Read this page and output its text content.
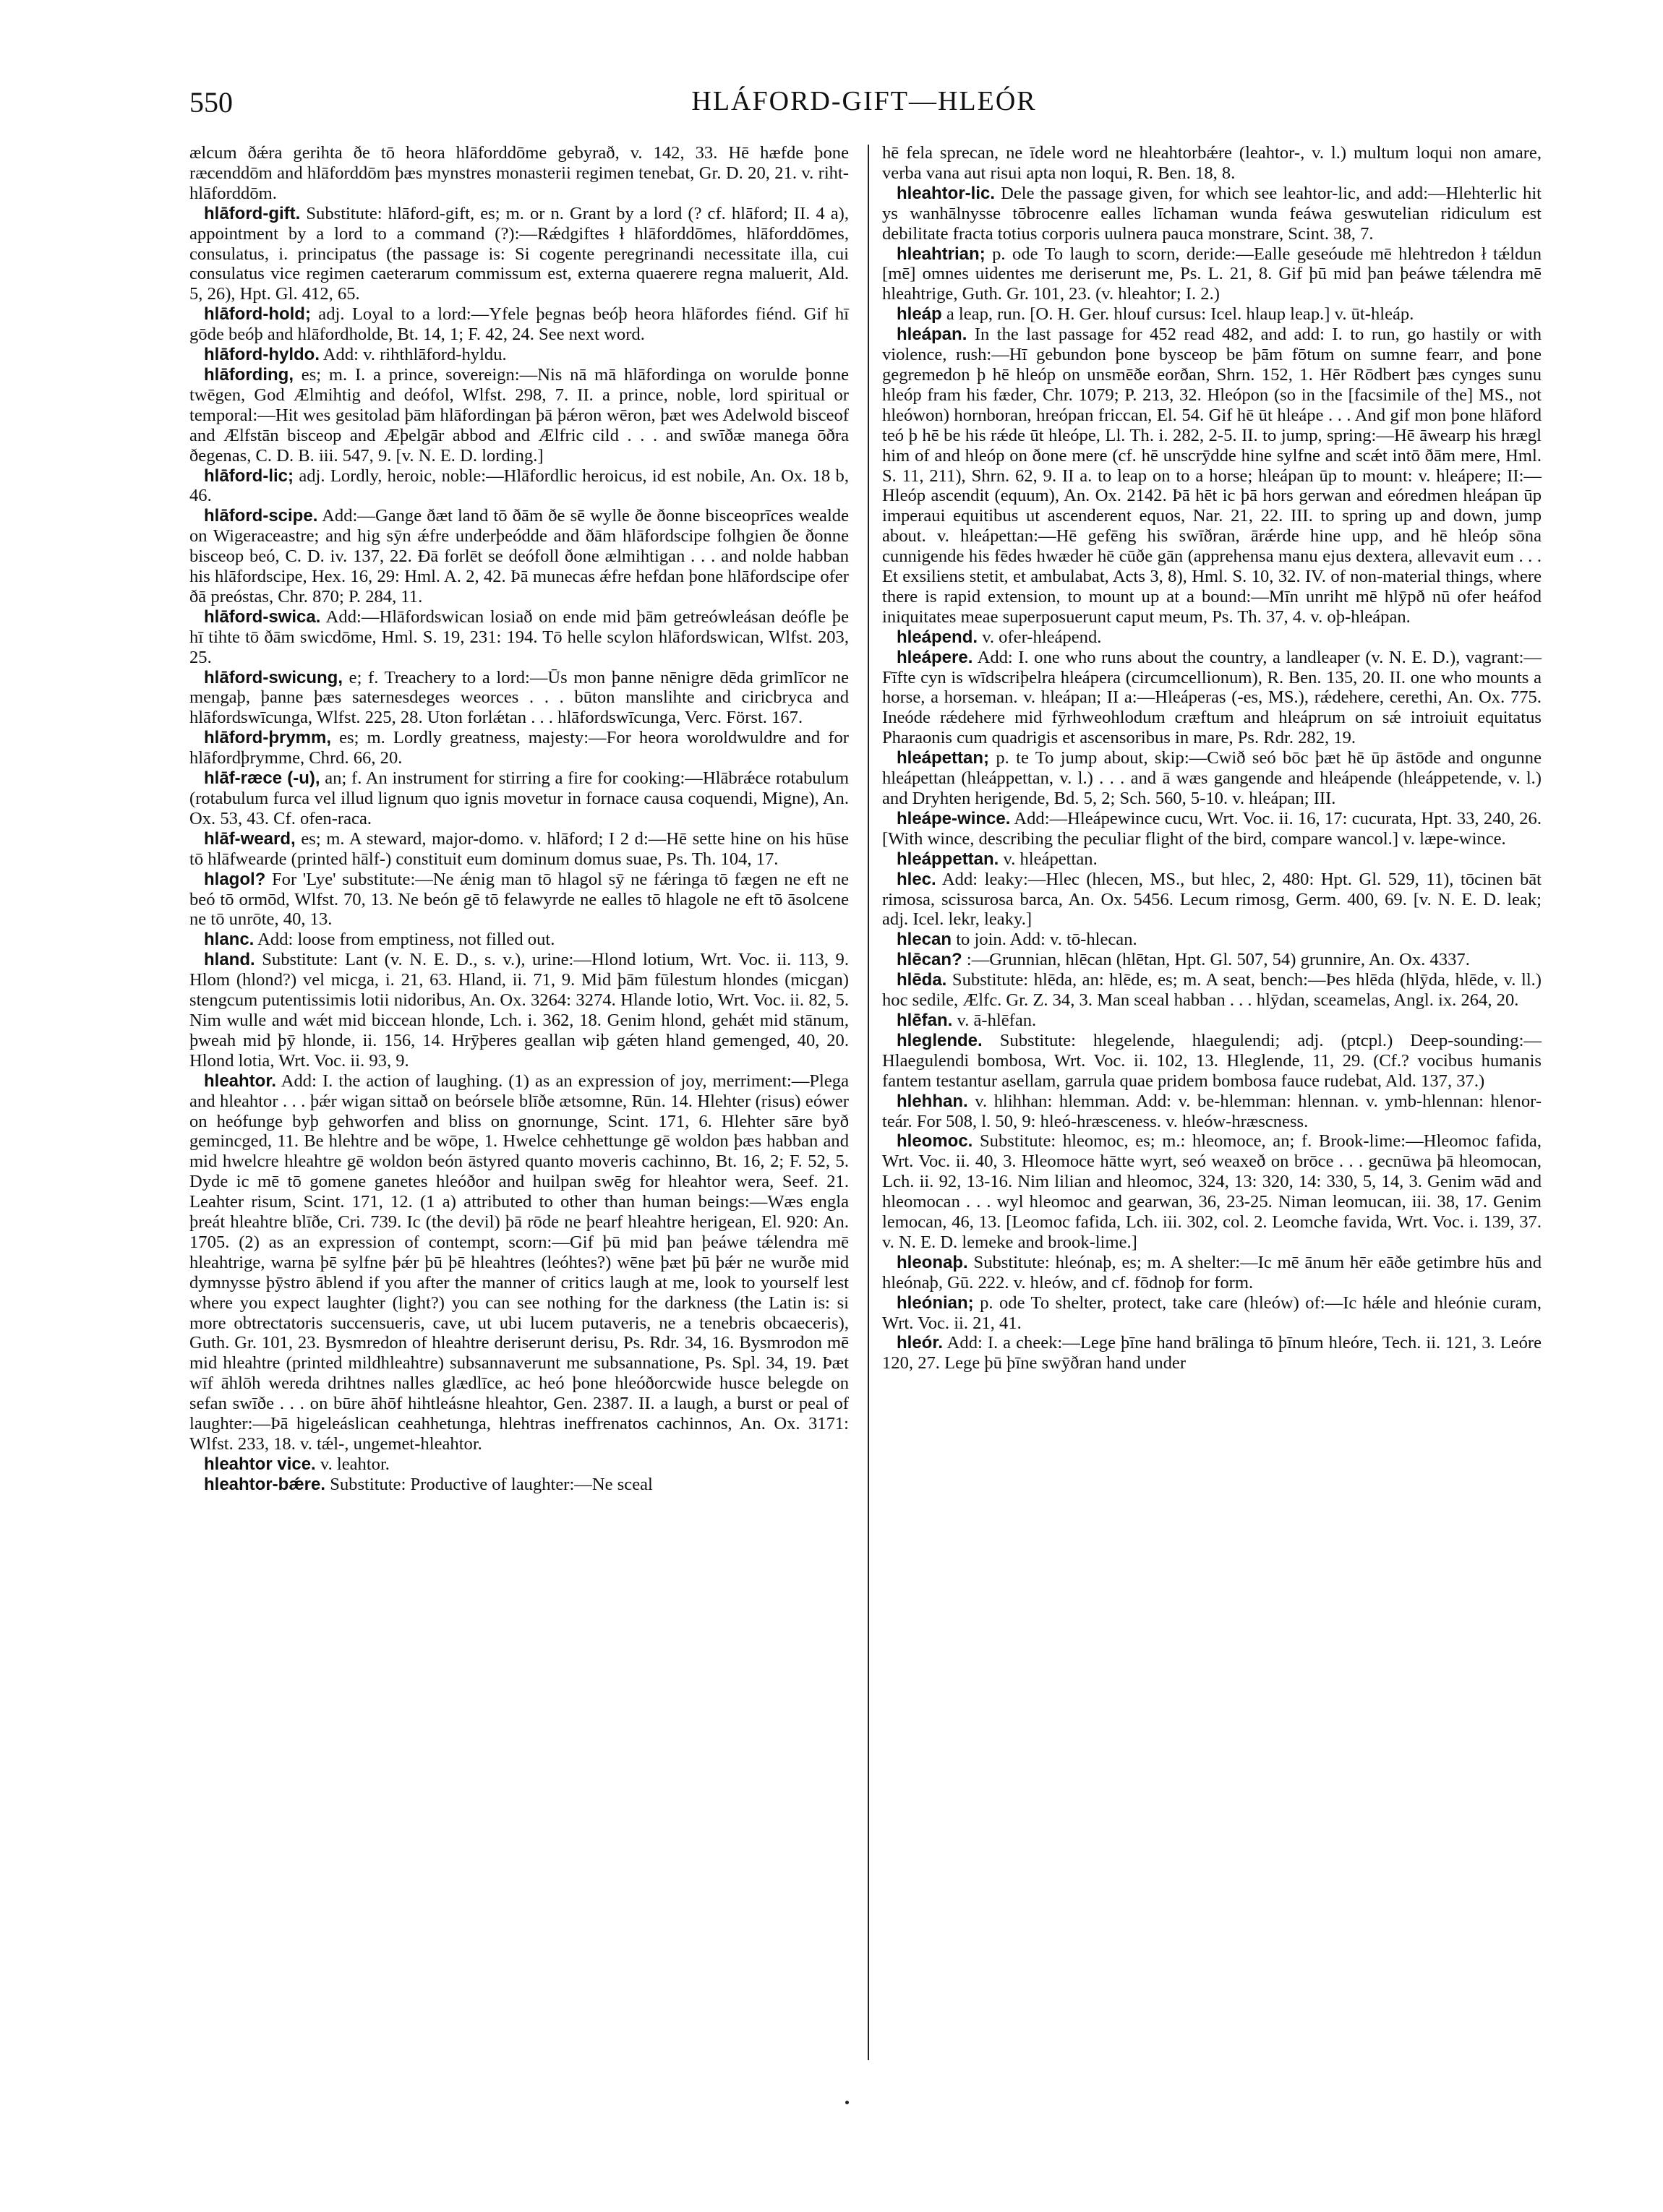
550	HLÁFORD-GIFT—HLEÓR

ælcum ðǽra gerihta ðe tō heora hlāforddōme gebyrað, v. 142, 33. Hē hæfde þone ræcenddōm and hlāforddōm þæs mynstres monasterii regimen tenebat, Gr. D. 20, 21. v. riht-hlāforddōm.

hlāford-gift. Substitute: hlāford-gift, es; m. or n. Grant by a lord (? cf. hlāford; II. 4 a), appointment by a lord to a command (?):—Rǽdgiftes ł hlāforddōmes, hlāforddōmes, consulatus, i. principatus (the passage is: Si cogente peregrinandi necessitate illa, cui consulatus vice regimen caeterarum commissum est, externa quaerere regna maluerit, Ald. 5, 26), Hpt. Gl. 412, 65.

hlāford-hold; adj. Loyal to a lord:—Yfele þegnas beóþ heora hlāfordes fiénd. Gif hī gōde beóþ and hlāfordholde, Bt. 14, 1; F. 42, 24. See next word.

hlāford-hyldo. Add: v. rihthlāford-hyldu.

hlāfording, es; m. I. a prince, sovereign:—Nis nā mā hlāfordinga on worulde þonne twēgen, God Ælmihtig and deófol, Wlfst. 298, 7. II. a prince, noble, lord spiritual or temporal:—Hit wes gesitolad þām hlāfordingan þā þǽron wēron, þæt wes Adelwold bisceof and Ælfstān bisceop and Æþelgār abbod and Ælfric cild . . . and swīðæ manega ōðra ðegenas, C. D. B. iii. 547, 9. [v. N. E. D. lording.]

hlāford-lic; adj. Lordly, heroic, noble:—Hlāfordlic heroicus, id est nobile, An. Ox. 18 b, 46.

hlāford-scipe. Add:—Gange ðæt land tō ðām ðe sē wylle ðe ðonne bisceoprīces wealde on Wigeraceastre; and hig sȳn ǽfre underþeódde and ðām hlāfordscipe folhgien ðe ðonne bisceop beó, C. D. iv. 137, 22. Ðā forlēt se deófoll ðone ælmihtigan . . . and nolde habban his hlāfordscipe, Hex. 16, 29: Hml. A. 2, 42. Þā munecas ǽfre hefdan þone hlāfordscipe ofer ðā preóstas, Chr. 870; P. 284, 11.

hlāford-swica. Add:—Hlāfordswican losiað on ende mid þām getreówleásan deófle þe hī tihte tō ðām swicdōme, Hml. S. 19, 231: 194. Tō helle scylon hlāfordswican, Wlfst. 203, 25.

hlāford-swicung, e; f. Treachery to a lord:—Ūs mon þanne nēnigre dēda grimlīcor ne mengaþ, þanne þæs saternesdeges weorces . . . būton manslihte and ciricbryca and hlāfordswīcunga, Wlfst. 225, 28. Uton forlǽtan . . . hlāfordswīcunga, Verc. Först. 167.

hlāford-þrymm, es; m. Lordly greatness, majesty:—For heora woroldwuldre and for hlāfordþrymme, Chrd. 66, 20.

hlāf-ræce (-u), an; f. An instrument for stirring a fire for cooking:—Hlābrǽce rotabulum (rotabulum furca vel illud lignum quo ignis movetur in fornace causa coquendi, Migne), An. Ox. 53, 43. Cf. ofen-raca.

hlāf-weard, es; m. A steward, major-domo. v. hlāford; I 2 d:—Hē sette hine on his hūse tō hlāfwearde (printed hālf-) constituit eum dominum domus suae, Ps. Th. 104, 17.

hlagol? For 'Lye' substitute:—Ne ǽnig man tō hlagol sȳ ne fǽringa tō fægen ne eft ne beó tō ormōd, Wlfst. 70, 13. Ne beón gē tō felawyrde ne ealles tō hlagole ne eft tō āsolcene ne tō unrōte, 40, 13.

hlanc. Add: loose from emptiness, not filled out.

hland. Substitute: Lant (v. N. E. D., s. v.), urine:—Hlond lotium, Wrt. Voc. ii. 113, 9. Hlom (hlond?) vel micga, i. 21, 63. Hland, ii. 71, 9. Mid þām fūlestum hlondes (micgan) stengcum putentissimis lotii nidoribus, An. Ox. 3264: 3274. Hlande lotio, Wrt. Voc. ii. 82, 5. Nim wulle and wǽt mid biccean hlonde, Lch. i. 362, 18. Genim hlond, gehǽt mid stānum, þweah mid þȳ hlonde, ii. 156, 14. Hrȳþeres geallan wiþ gǽten hland gemenged, 40, 20. Hlond lotia, Wrt. Voc. ii. 93, 9.

hleahtor. Add: I. the action of laughing. (1) as an expression of joy, merriment:—Plega and hleahtor . . . þǽr wigan sittað on beórsele blīðe ætsomne, Rūn. 14. Hlehter (risus) eówer on heófunge byþ gehworfen and bliss on gnornunge, Scint. 171, 6. Hlehter sāre byð gemincged, 11. Be hlehtre and be wōpe, 1. Hwelce cehhettunge gē woldon þæs habban and mid hwelcre hleahtre gē woldon beón āstyred quanto moveris cachinno, Bt. 16, 2; F. 52, 5. Dyde ic mē tō gomene ganetes hleóðor and huilpan swēg for hleahtor wera, Seef. 21. Leahter risum, Scint. 171, 12. (1 a) attributed to other than human beings:—Wæs engla þreát hleahtre blīðe, Cri. 739. Ic (the devil) þā rōde ne þearf hleahtre herigean, El. 920: An. 1705. (2) as an expression of contempt, scorn:—Gif þū mid þan þeáwe tǽlendra mē hleahtrige, warna þē sylfne þǽr þū þē hleahtres (leóhtes?) wēne þæt þū þǽr ne wurðe mid dymnysse þȳstro āblend if you after the manner of critics laugh at me, look to yourself lest where you expect laughter (light?) you can see nothing for the darkness (the Latin is: si more obtrectatoris succensueris, cave, ut ubi lucem putaveris, ne a tenebris obcaeceris), Guth. Gr. 101, 23. Bysmredon of hleahtre deriserunt derisu, Ps. Rdr. 34, 16. Bysmrodon mē mid hleahtre (printed mildhleahtre) subsannaverunt me subsannatione, Ps. Spl. 34, 19. Þæt wīf āhlōh wereda drihtnes nalles glædlīce, ac heó þone hleóðorcwide husce belegde on sefan swīðe . . . on būre āhōf hihtleásne hleahtor, Gen. 2387. II. a laugh, a burst or peal of laughter:—Þā higeleáslican ceahhetunga, hlehtras ineffrenatos cachinnos, An. Ox. 3171: Wlfst. 233, 18. v. tǽl-, ungemet-hleahtor.

hleahtor vice. v. leahtor.

hleahtor-bǽre. Substitute: Productive of laughter:—Ne sceal

hē fela sprecan, ne īdele word ne hleahtorbǽre (leahtor-, v. l.) multum loqui non amare, verba vana aut risui apta non loqui, R. Ben. 18, 8.

hleahtor-lic. Dele the passage given, for which see leahtor-lic, and add:—Hlehterlic hit ys wanhālnysse tōbrocenre ealles līchaman wunda feáwa geswutelian ridiculum est debilitate fracta totius corporis uulnera pauca monstrare, Scint. 38, 7.

hleahtrian; p. ode To laugh to scorn, deride:—Ealle geseóude mē hlehtredon ł tǽldun [mē] omnes uidentes me deriserunt me, Ps. L. 21, 8. Gif þū mid þan þeáwe tǽlendra mē hleahtrige, Guth. Gr. 101, 23. (v. hleahtor; I. 2.)

hleáp a leap, run. [O. H. Ger. hlouf cursus: Icel. hlaup leap.] v. ūt-hleáp.

hleápan. In the last passage for 452 read 482, and add: I. to run, go hastily or with violence, rush:—Hī gebundon þone bysceop be þām fōtum on sumne fearr, and þone gegremedon þ hē hleóp on unsmēðe eorðan, Shrn. 152, 1. Hēr Rōdbert þæs cynges sunu hleóp fram his fæder, Chr. 1079; P. 213, 32. Hleópon (so in the [facsimile of the] MS., not hleówon) hornboran, hreópan friccan, El. 54. Gif hē ūt hleápe . . . And gif mon þone hlāford teó þ hē be his rǽde ūt hleópe, Ll. Th. i. 282, 2-5. II. to jump, spring:—Hē āwearp his hrægl him of and hleóp on ðone mere (cf. hē unscrȳdde hine sylfne and scǽt intō ðām mere, Hml. S. 11, 211), Shrn. 62, 9. II a. to leap on to a horse; hleápan ūp to mount: v. hleápere; II:—Hleóp ascendit (equum), An. Ox. 2142. Þā hēt ic þā hors gerwan and eóredmen hleápan ūp imperaui equitibus ut ascenderent equos, Nar. 21, 22. III. to spring up and down, jump about. v. hleápettan:—Hē gefēng his swīðran, ārǽrde hine upp, and hē hleóp sōna cunnigende his fēdes hwæder hē cūðe gān (apprehensa manu ejus dextera, allevavit eum . . . Et exsiliens stetit, et ambulabat, Acts 3, 8), Hml. S. 10, 32. IV. of non-material things, where there is rapid extension, to mount up at a bound:—Mīn unriht mē hlȳpð nū ofer heáfod iniquitates meae superposuerunt caput meum, Ps. Th. 37, 4. v. oþ-hleápan.

hleápend. v. ofer-hleápend.

hleápere. Add: I. one who runs about the country, a landleaper (v. N. E. D.), vagrant:—Fīfte cyn is wīdscriþelra hleápera (circumcellionum), R. Ben. 135, 20. II. one who mounts a horse, a horseman. v. hleápan; II a:—Hleáperas (-es, MS.), rǽdehere, cerethi, An. Ox. 775. Ineóde rǽdehere mid fȳrhweohlodum cræftum and hleáprum on sǽ introiuit equitatus Pharaonis cum quadrigis et ascensoribus in mare, Ps. Rdr. 282, 19.

hleápettan; p. te To jump about, skip:—Cwið seó bōc þæt hē ūp āstōde and ongunne hleápettan (hleáppettan, v. l.) . . . and ā wæs gangende and hleápende (hleáppetende, v. l.) and Dryhten herigende, Bd. 5, 2; Sch. 560, 5-10. v. hleápan; III.

hleápe-wince. Add:—Hleápewince cucu, Wrt. Voc. ii. 16, 17: cucurata, Hpt. 33, 240, 26. [With wince, describing the peculiar flight of the bird, compare wancol.] v. læpe-wince.

hleáppettan. v. hleápettan.

hlec. Add: leaky:—Hlec (hlecen, MS., but hlec, 2, 480: Hpt. Gl. 529, 11), tōcinen bāt rimosa, scissurosa barca, An. Ox. 5456. Lecum rimosg, Germ. 400, 69. [v. N. E. D. leak; adj. Icel. lekr, leaky.]

hlecan to join. Add: v. tō-hlecan.

hlēcan? :—Grunnian, hlēcan (hlētan, Hpt. Gl. 507, 54) grunnire, An. Ox. 4337.

hlēda. Substitute: hlēda, an: hlēde, es; m. A seat, bench:—Þes hlēda (hlȳda, hlēde, v. ll.) hoc sedile, Ælfc. Gr. Z. 34, 3. Man sceal habban . . . hlȳdan, sceamelas, Angl. ix. 264, 20.

hlēfan. v. ā-hlēfan.

hleglende. Substitute: hlegelende, hlaegulendi; adj. (ptcpl.) Deep-sounding:—Hlaegulendi bombosa, Wrt. Voc. ii. 102, 13. Hleglende, 11, 29. (Cf.? vocibus humanis fantem testantur asellam, garrula quae pridem bombosa fauce rudebat, Ald. 137, 37.)

hlehhan. v. hlihhan: hlemman. Add: v. be-hlemman: hlennan. v. ymb-hlennan: hlenor-teár. For 508, l. 50, 9: hleó-hræsceness. v. hleów-hræscness.

hleomoc. Substitute: hleomoc, es; m.: hleomoce, an; f. Brook-lime:—Hleomoc fafida, Wrt. Voc. ii. 40, 3. Hleomoce hātte wyrt, seó weaxeð on brōce . . . gecnūwa þā hleomocan, Lch. ii. 92, 13-16. Nim lilian and hleomoc, 324, 13: 320, 14: 330, 5, 14, 3. Genim wād and hleomocan . . . wyl hleomoc and gearwan, 36, 23-25. Niman leomucan, iii. 38, 17. Genim lemocan, 46, 13. [Leomoc fafida, Lch. iii. 302, col. 2. Leomche favida, Wrt. Voc. i. 139, 37. v. N. E. D. lemeke and brook-lime.]

hleonaþ. Substitute: hleónaþ, es; m. A shelter:—Ic mē ānum hēr eāðe getimbre hūs and hleónaþ, Gū. 222. v. hleów, and cf. fōdnoþ for form.

hleónian; p. ode To shelter, protect, take care (hleów) of:—Ic hǽle and hleónie curam, Wrt. Voc. ii. 21, 41.

hleór. Add: I. a cheek:—Lege þīne hand brālinga tō þīnum hleóre, Tech. ii. 121, 3. Leóre 120, 27. Lege þū þīne swȳðran hand under
